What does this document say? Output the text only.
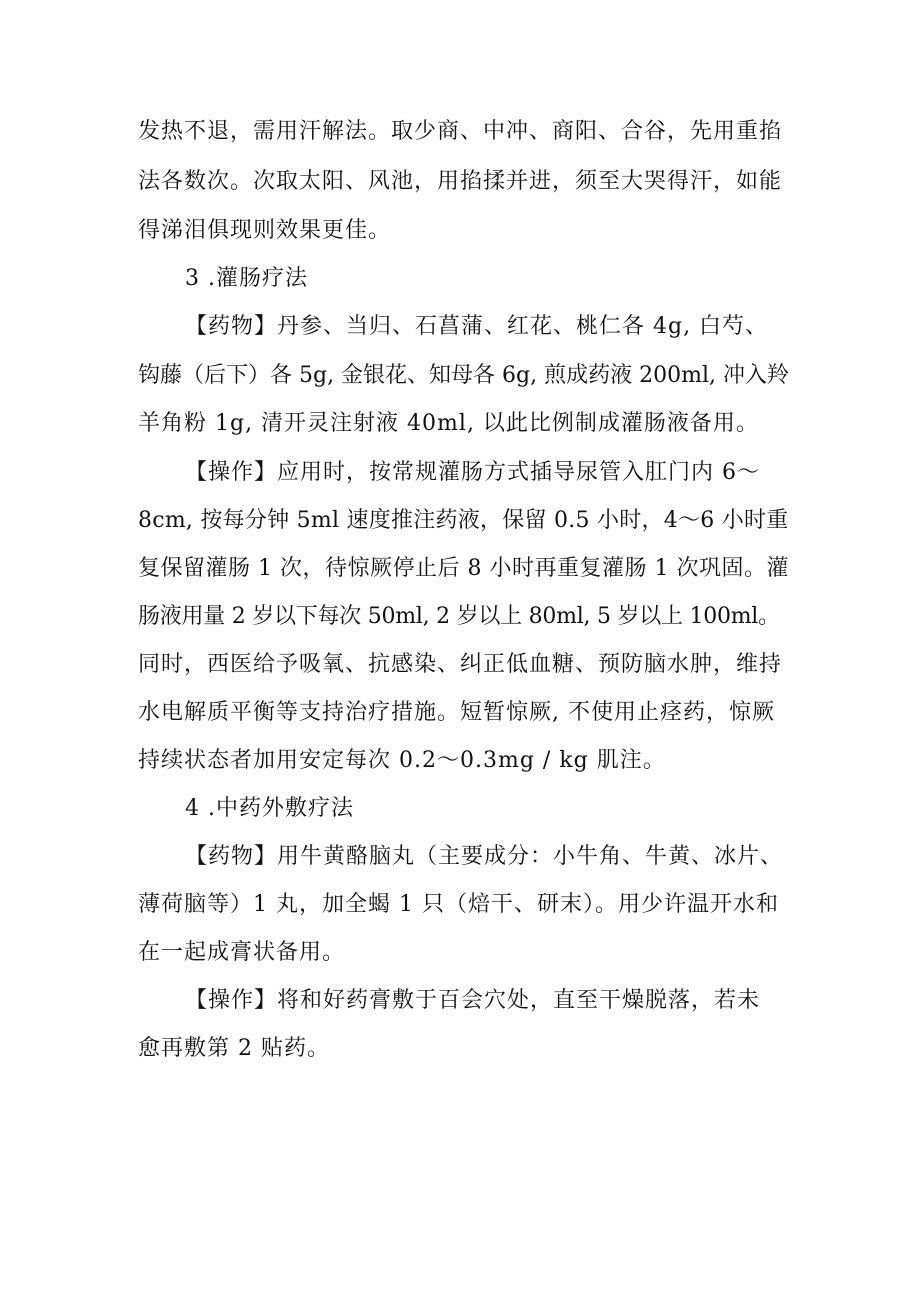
发热不退，需用汗解法。取少商、中冲、商阳、合谷，先用重掐
法各数次。次取太阳、风池，用掐揉并进，须至大哭得汗，如能
得涕泪俱现则效果更佳。
3 .灌肠疗法
【药物】丹参、当归、石菖蒲、红花、桃仁各 4g, 白芍、
钩藤（后下）各 5g, 金银花、知母各 6g, 煎成药液 200ml, 冲入羚
羊角粉 1g, 清开灵注射液 40ml, 以此比例制成灌肠液备用。
【操作】应用时，按常规灌肠方式插导尿管入肛门内 6～
8cm, 按每分钟 5ml 速度推注药液，保留 0.5 小时，4～6 小时重
复保留灌肠 1 次，待惊厥停止后 8 小时再重复灌肠 1 次巩固。灌
肠液用量 2 岁以下每次 50ml, 2 岁以上 80ml, 5 岁以上 100ml。
同时，西医给予吸氧、抗感染、纠正低血糖、预防脑水肿，维持
水电解质平衡等支持治疗措施。短暂惊厥, 不使用止痉药，惊厥
持续状态者加用安定每次 0.2～0.3mg / kg 肌注。
4 .中药外敷疗法
【药物】用牛黄酪脑丸（主要成分：小牛角、牛黄、冰片、
薄荷脑等）1 丸，加全蝎 1 只（焙干、研末）。用少许温开水和
在一起成膏状备用。
【操作】将和好药膏敷于百会穴处，直至干燥脱落，若未
愈再敷第 2 贴药。
